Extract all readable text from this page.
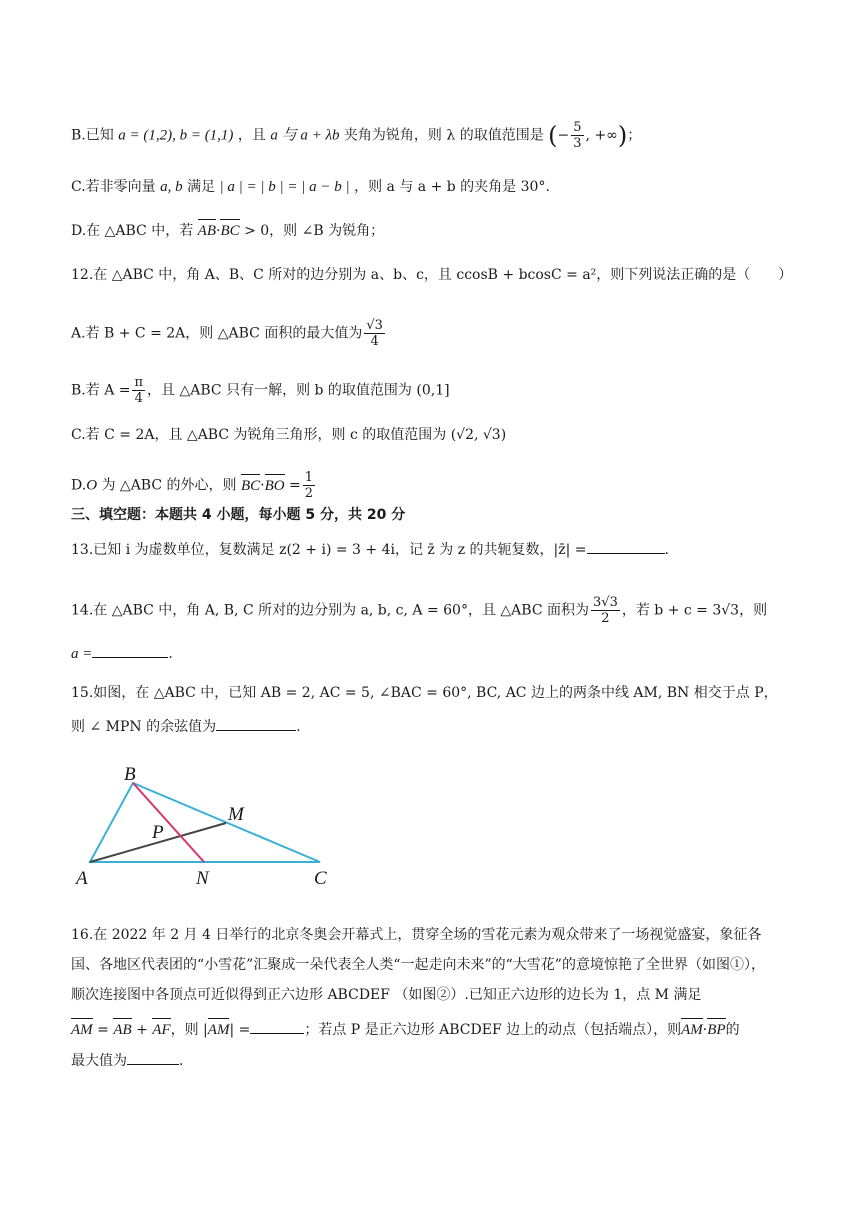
B.已知 a = (1,2), b = (1,1) ，且 a 与 a + λb 夹角为锐角，则 λ 的取值范围是 (− $\frac{5}{3}$ , +∞)；
C.若非零向量 a, b 满足 | a | = | b | = | a − b | ，则 a 与 a + b 的夹角是 30°.
D.在 △ABC 中，若 AB·BC > 0，则 ∠B 为锐角；
12.在 △ABC 中，角 A、B、C 所对的边分别为 a、b、c，且 ccosB + bcosC = a²，则下列说法正确的是（　　）
A.若 B + C = 2A，则 △ABC 面积的最大值为 $\frac{√3}{4}$
B.若 $A = \frac{\pi}{4}$ ，且 △ABC 只有一解，则 b 的取值范围为 (0,1]
C.若 C = 2A，且 △ABC 为锐角三角形，则 c 的取值范围为 (√2, √3)
D.O 为 △ABC 的外心，则 $BC\cdot BO = \frac{1}{2}$
三、填空题：本题共 4 小题，每小题 5 分，共 20 分
13.已知 i 为虚数单位，复数满足 z(2 + i) = 3 + 4i，记 z̄ 为 z 的共轭复数，|z̄| =	.
14.在 △ABC 中，角 A, B, C 所对的边分别为 a, b, c, A = 60°，且 △ABC 面积为 $\frac{3√3}{2}$ ，若 b + c = 3√3，则
a =	.
15.如图，在 △ABC 中，已知 AB = 2, AC = 5, ∠BAC = 60°, BC, AC 边上的两条中线 AM, BN 相交于点 P，
则 ∠ MPN 的余弦值为	.
B
M
P
A	N	C
16.在 2022 年 2 月 4 日举行的北京冬奥会开幕式上，贯穿全场的雪花元素为观众带来了一场视觉盛宴，象征各
国、各地区代表团的“小雪花”汇聚成一朵代表全人类“一起走向未来”的“大雪花”的意境惊艳了全世界（如图①），
顺次连接图中各顶点可近似得到正六边形 ABCDEF （如图②）.已知正六边形的边长为 1，点 M 满足
AM = AB + AF，则 |AM| =	；若点 P 是正六边形 ABCDEF 边上的动点（包括端点），则AM·BP的
最大值为	.
